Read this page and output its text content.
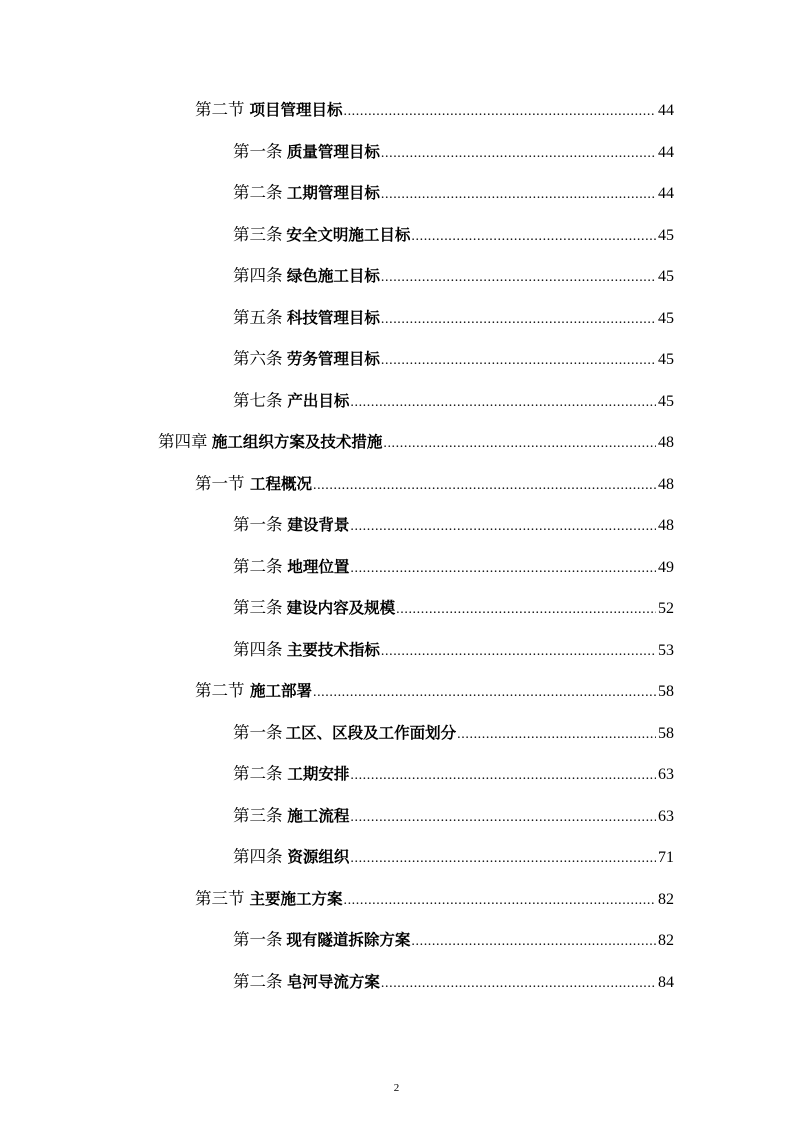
第二节 项目管理目标 .....	44
第一条 质量管理目标 .....	44
第二条 工期管理目标 .....	44
第三条 安全文明施工目标 .....	45
第四条 绿色施工目标 .....	45
第五条 科技管理目标 .....	45
第六条 劳务管理目标 .....	45
第七条 产出目标 .....	45
第四章 施工组织方案及技术措施 .....	48
第一节 工程概况 .....	48
第一条 建设背景 .....	48
第二条 地理位置 .....	49
第三条 建设内容及规模 .....	52
第四条 主要技术指标 .....	53
第二节 施工部署 .....	58
第一条 工区、区段及工作面划分 .....	58
第二条 工期安排 .....	63
第三条 施工流程 .....	63
第四条 资源组织 .....	71
第三节 主要施工方案 .....	82
第一条 现有隧道拆除方案 .....	82
第二条 皂河导流方案 .....	84
2
